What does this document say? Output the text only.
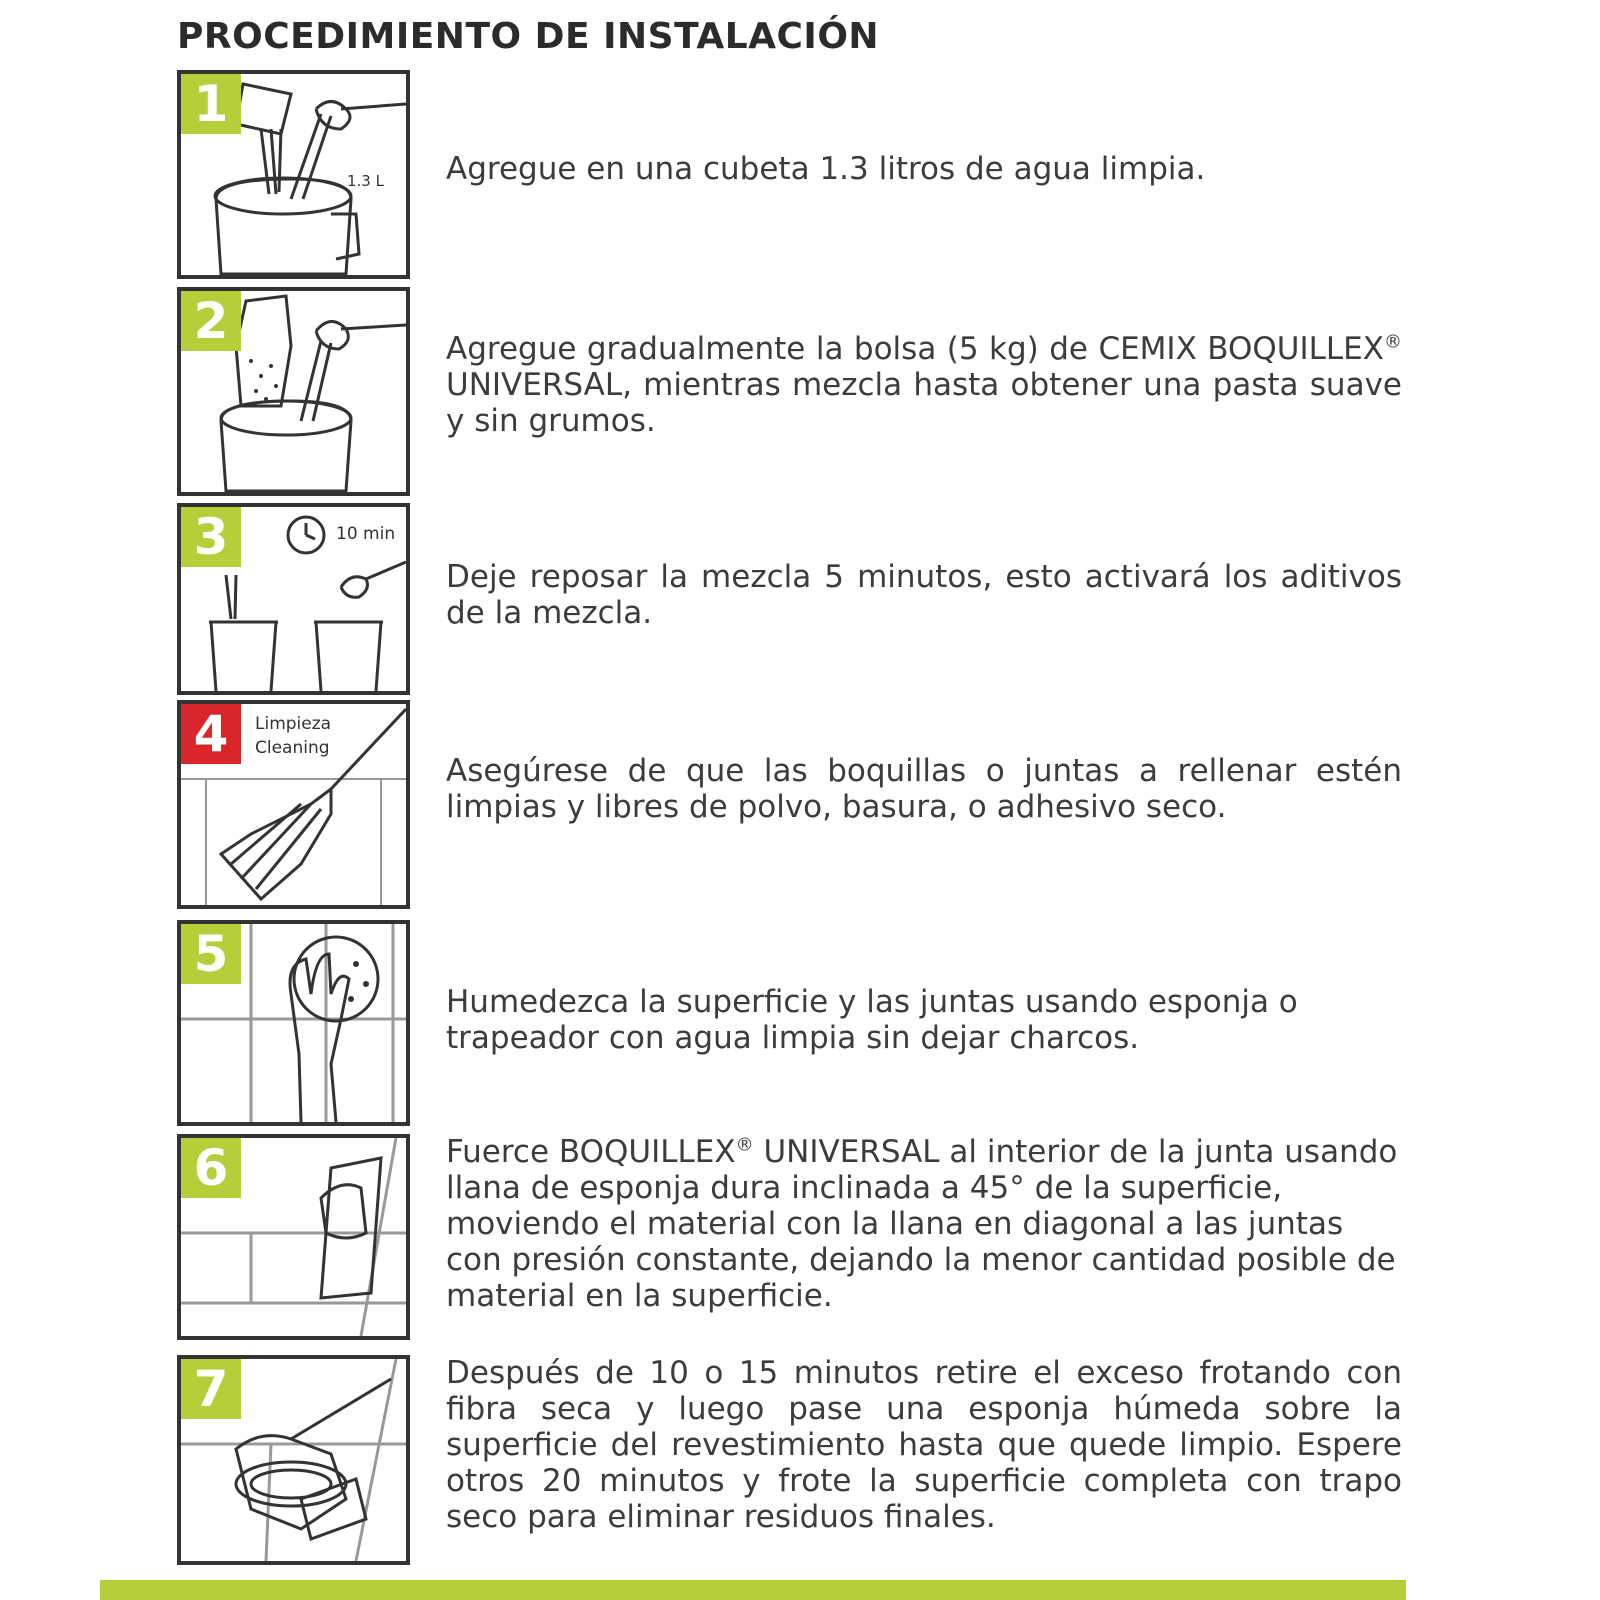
PROCEDIMIENTO DE INSTALACIÓN
1
1.3 L Agregue en una cubeta 1.3 litros de agua limpia.
2	Agregue gradualmente la bolsa (5 kg) de CEMIX BOQUILLEX® UNIVERSAL, mientras mezcla hasta obtener una pasta suave y sin grumos.
3	10 min
Deje reposar la mezcla 5 minutos, esto activará los aditivos de la mezcla.
4	Limpieza
Cleaning
Asegúrese de que las boquillas o juntas a rellenar estén limpias y libres de polvo, basura, o adhesivo seco.
5
Humedezca la superficie y las juntas usando esponja o trapeador con agua limpia sin dejar charcos.
6	Fuerce BOQUILLEX® UNIVERSAL al interior de la junta usando llana de esponja dura inclinada a 45° de la superficie, moviendo el material con la llana en diagonal a las juntas con presión constante, dejando la menor cantidad posible de material en la superficie.
7	Después de 10 o 15 minutos retire el exceso frotando con fibra seca y luego pase una esponja húmeda sobre la superficie del revestimiento hasta que quede limpio. Espere otros 20 minutos y frote la superficie completa con trapo seco para eliminar residuos finales.
